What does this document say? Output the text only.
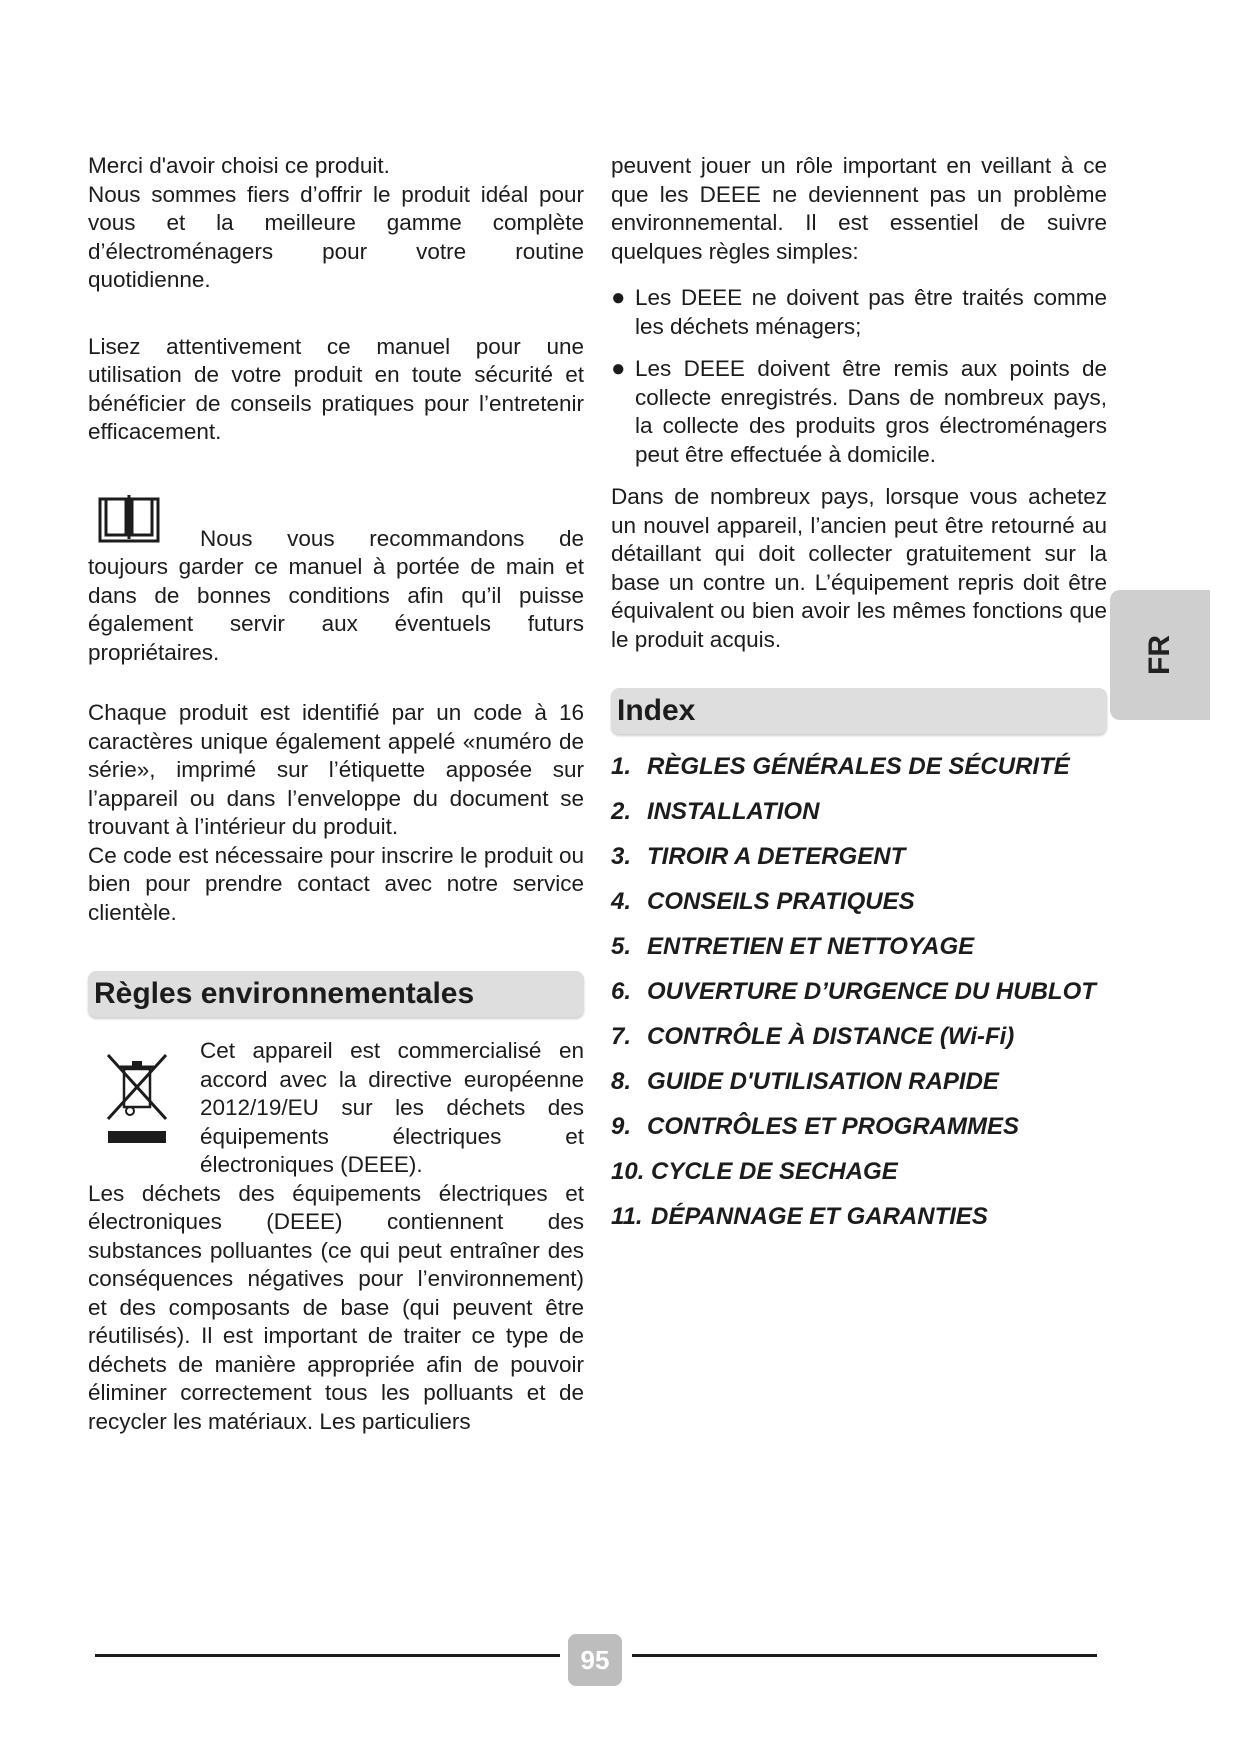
Merci d'avoir choisi ce produit.

Nous sommes fiers d’offrir le produit idéal pour vous et la meilleure gamme complète d’électroménagers pour votre routine quotidienne.

Lisez attentivement ce manuel pour une utilisation de votre produit en toute sécurité et bénéficier de conseils pratiques pour l’entretenir efficacement.

Nous vous recommandons de toujours garder ce manuel à portée de main et dans de bonnes conditions afin qu’il puisse également servir aux éventuels futurs propriétaires.

Chaque produit est identifié par un code à 16 caractères unique également appelé «numéro de série», imprimé sur l’étiquette apposée sur l’appareil ou dans l’enveloppe du document se trouvant à l’intérieur du produit.

Ce code est nécessaire pour inscrire le produit ou bien pour prendre contact avec notre service clientèle.

Règles environnementales

Cet appareil est commercialisé en accord avec la directive européenne 2012/19/EU sur les déchets des équipements électriques et électroniques (DEEE).

Les déchets des équipements électriques et électroniques (DEEE) contiennent des substances polluantes (ce qui peut entraîner des conséquences négatives pour l’environnement) et des composants de base (qui peuvent être réutilisés). Il est important de traiter ce type de déchets de manière appropriée afin de pouvoir éliminer correctement tous les polluants et de recycler les matériaux. Les particuliers

peuvent jouer un rôle important en veillant à ce que les DEEE ne deviennent pas un problème environnemental. Il est essentiel de suivre quelques règles simples:

● Les DEEE ne doivent pas être traités comme les déchets ménagers;

● Les DEEE doivent être remis aux points de collecte enregistrés. Dans de nombreux pays, la collecte des produits gros électroménagers peut être effectuée à domicile.

Dans de nombreux pays, lorsque vous achetez un nouvel appareil, l’ancien peut être retourné au détaillant qui doit collecter gratuitement sur la base un contre un. L’équipement repris doit être équivalent ou bien avoir les mêmes fonctions que le produit acquis.

Index
1. RÈGLES GÉNÉRALES DE SÉCURITÉ
2. INSTALLATION
3. TIROIR A DETERGENT
4. CONSEILS PRATIQUES
5. ENTRETIEN ET NETTOYAGE
6. OUVERTURE D’URGENCE DU HUBLOT
7. CONTRÔLE À DISTANCE (Wi-Fi)
8. GUIDE D'UTILISATION RAPIDE
9. CONTRÔLES ET PROGRAMMES
10. CYCLE DE SECHAGE
11. DÉPANNAGE ET GARANTIES
FR
95
